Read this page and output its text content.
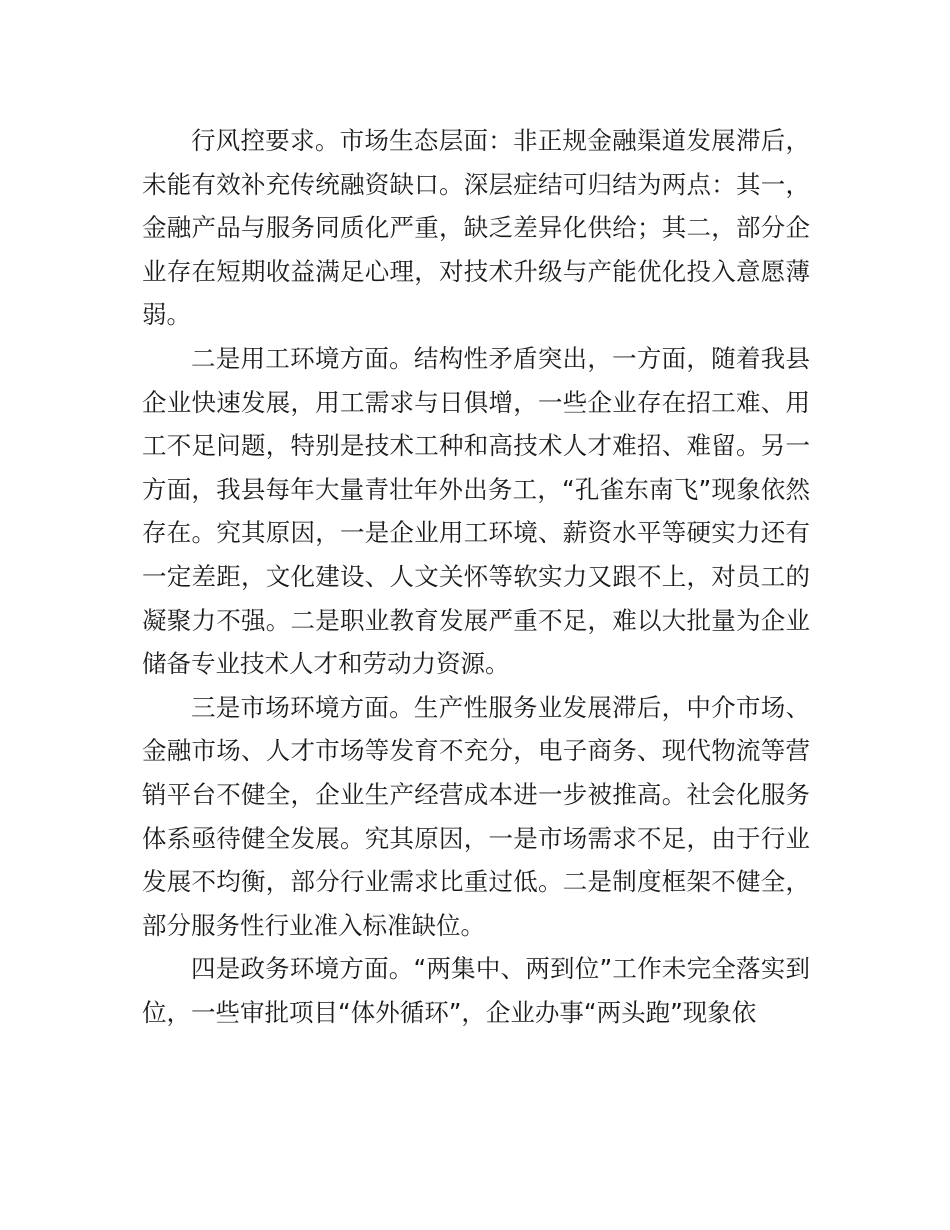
行风控要求。市场生态层面：非正规金融渠道发展滞后，未能有效补充传统融资缺口。深层症结可归结为两点：其一，金融产品与服务同质化严重，缺乏差异化供给；其二，部分企业存在短期收益满足心理，对技术升级与产能优化投入意愿薄弱。

二是用工环境方面。结构性矛盾突出，一方面，随着我县企业快速发展，用工需求与日俱增，一些企业存在招工难、用工不足问题，特别是技术工种和高技术人才难招、难留。另一方面，我县每年大量青壮年外出务工，“孔雀东南飞”现象依然存在。究其原因，一是企业用工环境、薪资水平等硬实力还有一定差距，文化建设、人文关怀等软实力又跟不上，对员工的凝聚力不强。二是职业教育发展严重不足，难以大批量为企业储备专业技术人才和劳动力资源。

三是市场环境方面。生产性服务业发展滞后，中介市场、金融市场、人才市场等发育不充分，电子商务、现代物流等营销平台不健全，企业生产经营成本进一步被推高。社会化服务体系亟待健全发展。究其原因，一是市场需求不足，由于行业发展不均衡，部分行业需求比重过低。二是制度框架不健全，部分服务性行业准入标准缺位。

四是政务环境方面。“两集中、两到位”工作未完全落实到位，一些审批项目“体外循环”，企业办事“两头跑”现象依
